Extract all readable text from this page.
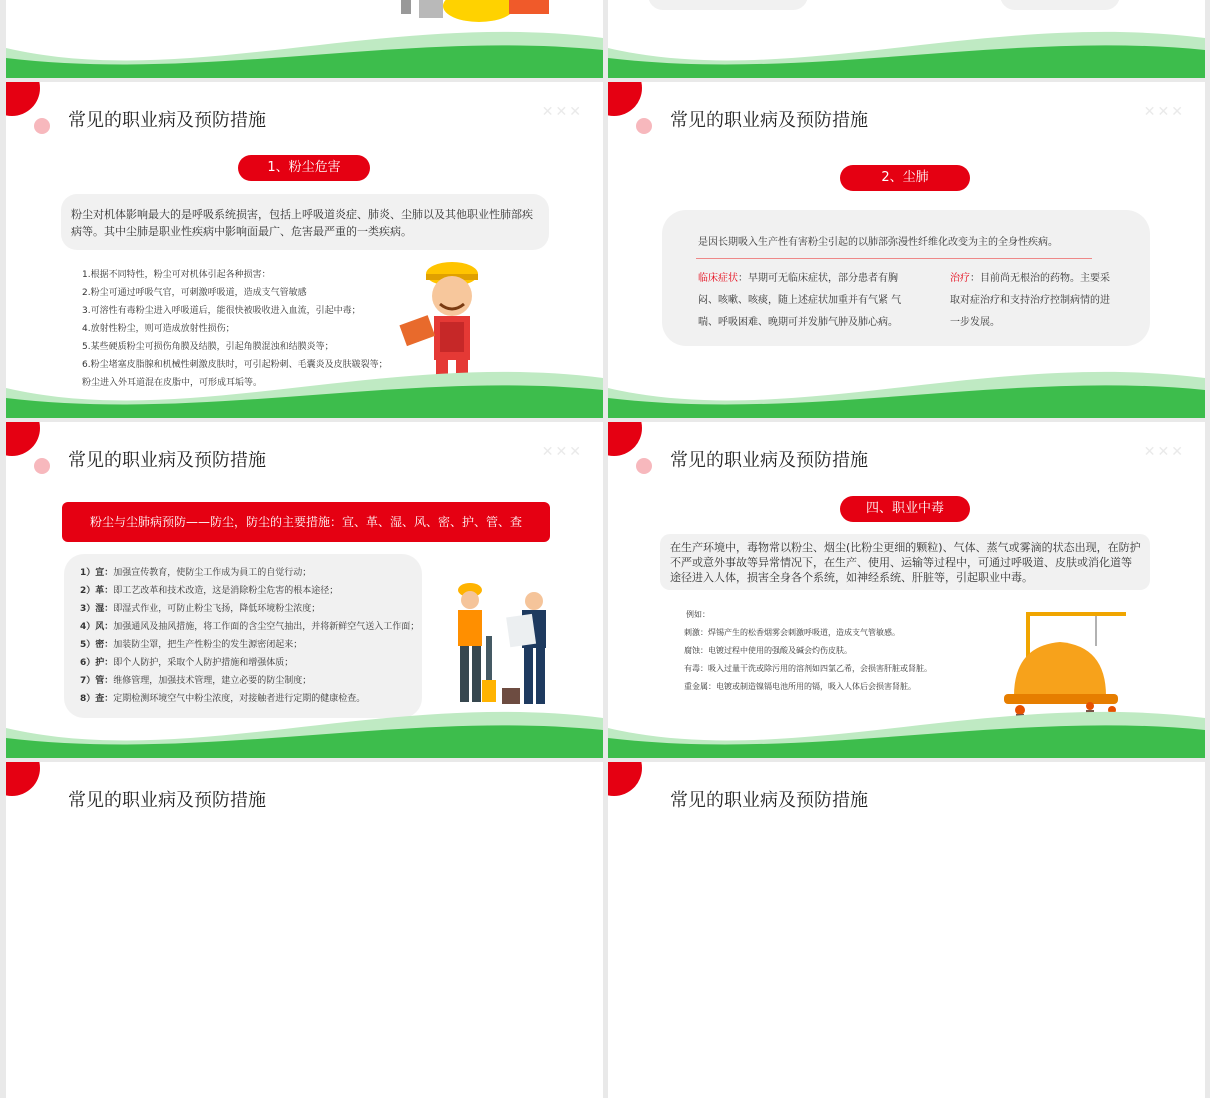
常见的职业病及预防措施	✕✕✕
1、粉尘危害
粉尘对机体影响最大的是呼吸系统损害，包括上呼吸道炎症、肺炎、尘肺以及其他职业性肺部疾病等。其中尘肺是职业性疾病中影响面最广、危害最严重的一类疾病。
1.根据不同特性，粉尘可对机体引起各种损害：
2.粉尘可通过呼吸气官，可刺激呼吸道，造成支气管敏感
3.可溶性有毒粉尘进入呼吸道后，能很快被吸收进入血流，引起中毒；
4.放射性粉尘，则可造成放射性损伤；
5.某些硬质粉尘可损伤角膜及结膜，引起角膜混浊和结膜炎等；
6.粉尘堵塞皮脂腺和机械性刺激皮肤时，可引起粉刺、毛囊炎及皮肤皲裂等；
粉尘进入外耳道混在皮脂中，可形成耳垢等。
常见的职业病及预防措施	✕✕✕
2、尘肺
是因长期吸入生产性有害粉尘引起的以肺部弥漫性纤维化改变为主的全身性疾病。
临床症状：早期可无临床症状，部分患者有胸闷、咳嗽、咳痰，随上述症状加重并有气紧 气喘、呼吸困难、晚期可并发肺气肿及肺心病。
治疗：目前尚无根治的药物。主要采取对症治疗和支持治疗控制病情的进一步发展。
常见的职业病及预防措施	✕✕✕
粉尘与尘肺病预防——防尘，防尘的主要措施：宣、革、湿、风、密、护、管、查
1）宣：加强宣传教育，使防尘工作成为員工的自觉行动；
2）革：即工艺改革和技术改造，这是消除粉尘危害的根本途径；
3）湿：即湿式作业，可防止粉尘飞扬，降低环境粉尘浓度；
4）风：加强通风及抽风措施，将工作面的含尘空气抽出，并将新鲜空气送入工作面；
5）密：加装防尘罩，把生产性粉尘的发生源密闭起来；
6）护：即个人防护，采取个人防护措施和增强体质；
7）管：维修管理，加强技术管理，建立必要的防尘制度；
8）查：定期检测环境空气中粉尘浓度，对接触者进行定期的健康检查。
常见的职业病及预防措施	✕✕✕
四、职业中毒
在生产环境中，毒物常以粉尘、烟尘(比粉尘更细的颗粒)、气体、蒸气或雾滴的状态出现，在防护不严或意外事故等异常情况下，在生产、使用、运输等过程中，可通过呼吸道、皮肤或消化道等途径进入人体，损害全身各个系统，如神经系统、肝脏等，引起职业中毒。
例如：
刺激：焊锡产生的松香烟雾会刺激呼吸道，造成支气管敏感。
腐蚀：电镀过程中使用的强酸及碱会灼伤皮肤。
有毒：吸入过量干洗或除污用的溶剂如四氯乙希，会损害肝脏或肾脏。
重金属：电镀或制造镍镉电池所用的镉，吸入人体后会损害肾脏。
常见的职业病及预防措施	常见的职业病及预防措施
